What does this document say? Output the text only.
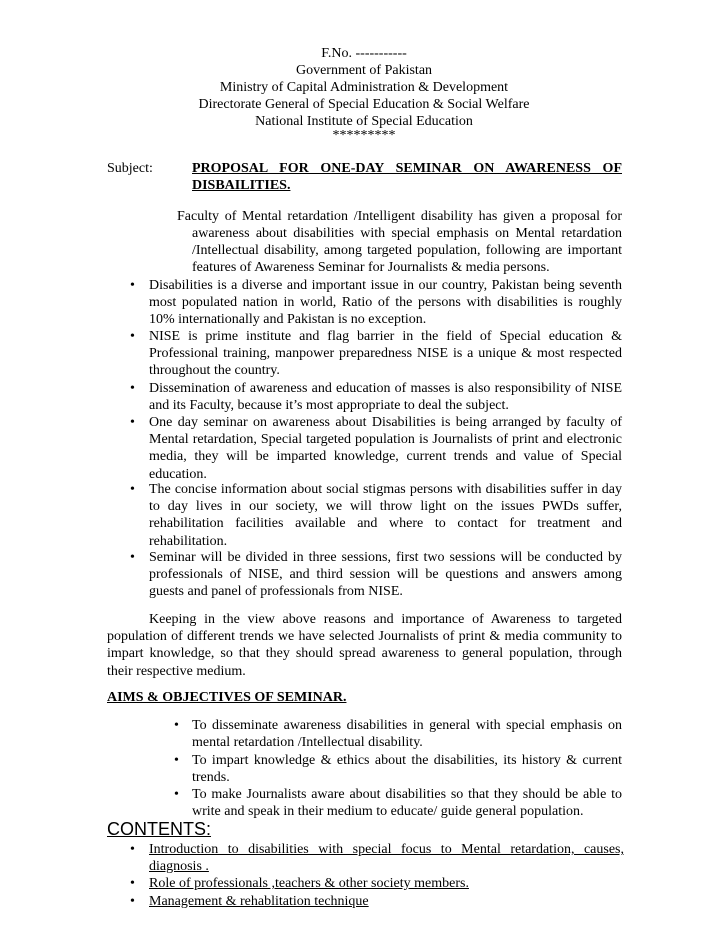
F.No. -----------
Government of Pakistan
Ministry of Capital Administration & Development
Directorate General of Special Education & Social Welfare
National Institute of Special Education
*********
Subject:	PROPOSAL FOR ONE-DAY SEMINAR ON AWARENESS OF
DISBAILITIES.
Faculty of Mental retardation /Intelligent disability has given a proposal for
awareness about disabilities with special emphasis on Mental retardation /Intellectual disability, among targeted population, following are important features of Awareness Seminar for Journalists & media persons.
• Disabilities is a diverse and important issue in our country, Pakistan being seventh most populated nation in world, Ratio of the persons with disabilities is roughly 10% internationally and Pakistan is no exception.
• NISE is prime institute and flag barrier in the field of Special education & Professional training, manpower preparedness NISE is a unique & most respected throughout the country.
• Dissemination of awareness and education of masses is also responsibility of NISE and its Faculty, because it’s most appropriate to deal the subject.
• One day seminar on awareness about Disabilities is being arranged by faculty of Mental retardation, Special targeted population is Journalists of print and electronic media, they will be imparted knowledge, current trends and value of Special education.
• The concise information about social stigmas persons with disabilities suffer in day to day lives in our society, we will throw light on the issues PWDs suffer, rehabilitation facilities available and where to contact for treatment and rehabilitation.
• Seminar will be divided in three sessions, first two sessions will be conducted by professionals of NISE, and third session will be questions and answers among guests and panel of professionals from NISE.
Keeping in the view above reasons and importance of Awareness to targeted population of different trends we have selected Journalists of print & media community to impart knowledge, so that they should spread awareness to general population, through their respective medium.
AIMS & OBJECTIVES OF SEMINAR.
• To disseminate awareness disabilities in general with special emphasis on mental retardation /Intellectual disability.
• To impart knowledge & ethics about the disabilities, its history & current trends.
• To make Journalists aware about disabilities so that they should be able to write and speak in their medium to educate/ guide general population.
CONTENTS:
• Introduction to disabilities with special focus to Mental retardation, causes,
diagnosis .
• Role of professionals ,teachers & other society members.
• Management & rehablitation technique
